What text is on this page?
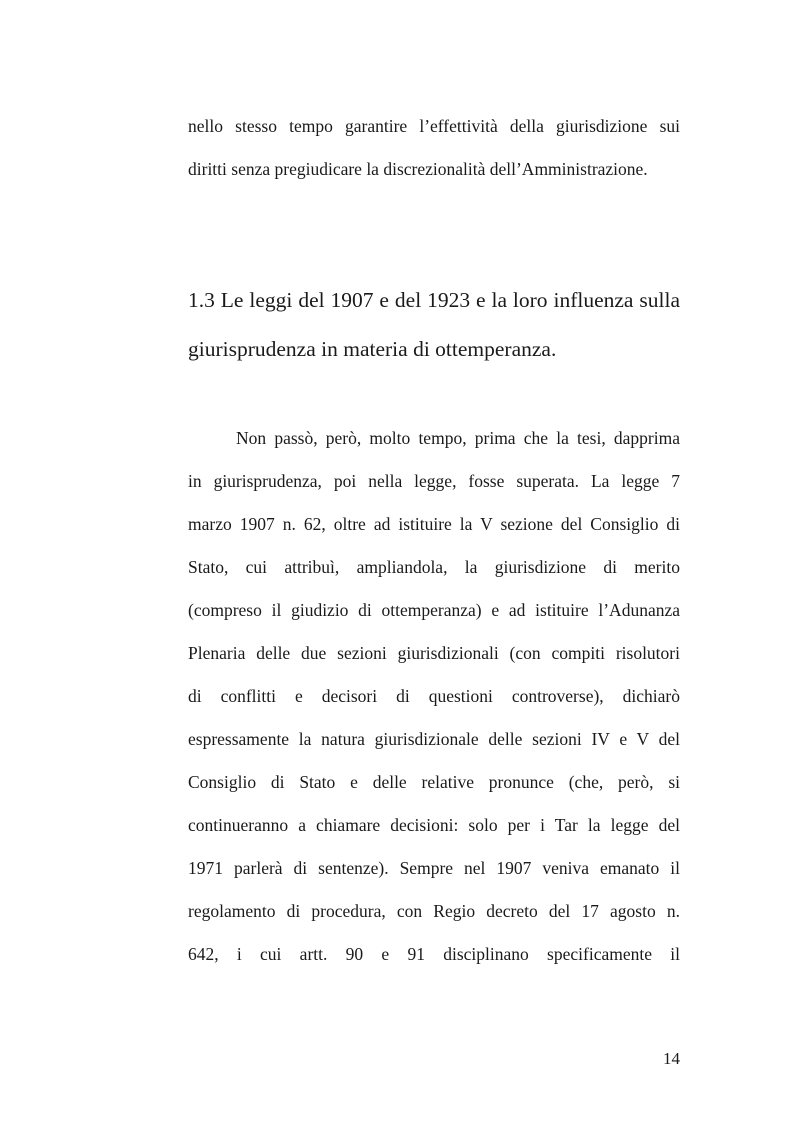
nello stesso tempo garantire l’effettività della giurisdizione sui
diritti senza pregiudicare la discrezionalità dell’Amministrazione.
1.3 Le leggi del 1907 e del 1923 e la loro influenza sulla
giurisprudenza in materia di ottemperanza.
Non passò, però, molto tempo, prima che la tesi, dapprima
in giurisprudenza, poi nella legge, fosse superata. La legge 7
marzo 1907 n. 62, oltre ad istituire la V sezione del Consiglio di
Stato, cui attribuì, ampliandola, la giurisdizione di merito
(compreso il giudizio di ottemperanza) e ad istituire l’Adunanza
Plenaria delle due sezioni giurisdizionali (con compiti risolutori
di conflitti e decisori di questioni controverse), dichiarò
espressamente la natura giurisdizionale delle sezioni IV e V del
Consiglio di Stato e delle relative pronunce (che, però, si
continueranno a chiamare decisioni: solo per i Tar la legge del
1971 parlerà di sentenze). Sempre nel 1907 veniva emanato il
regolamento di procedura, con Regio decreto del 17 agosto n.
642, i cui artt. 90 e 91 disciplinano specificamente il
14
